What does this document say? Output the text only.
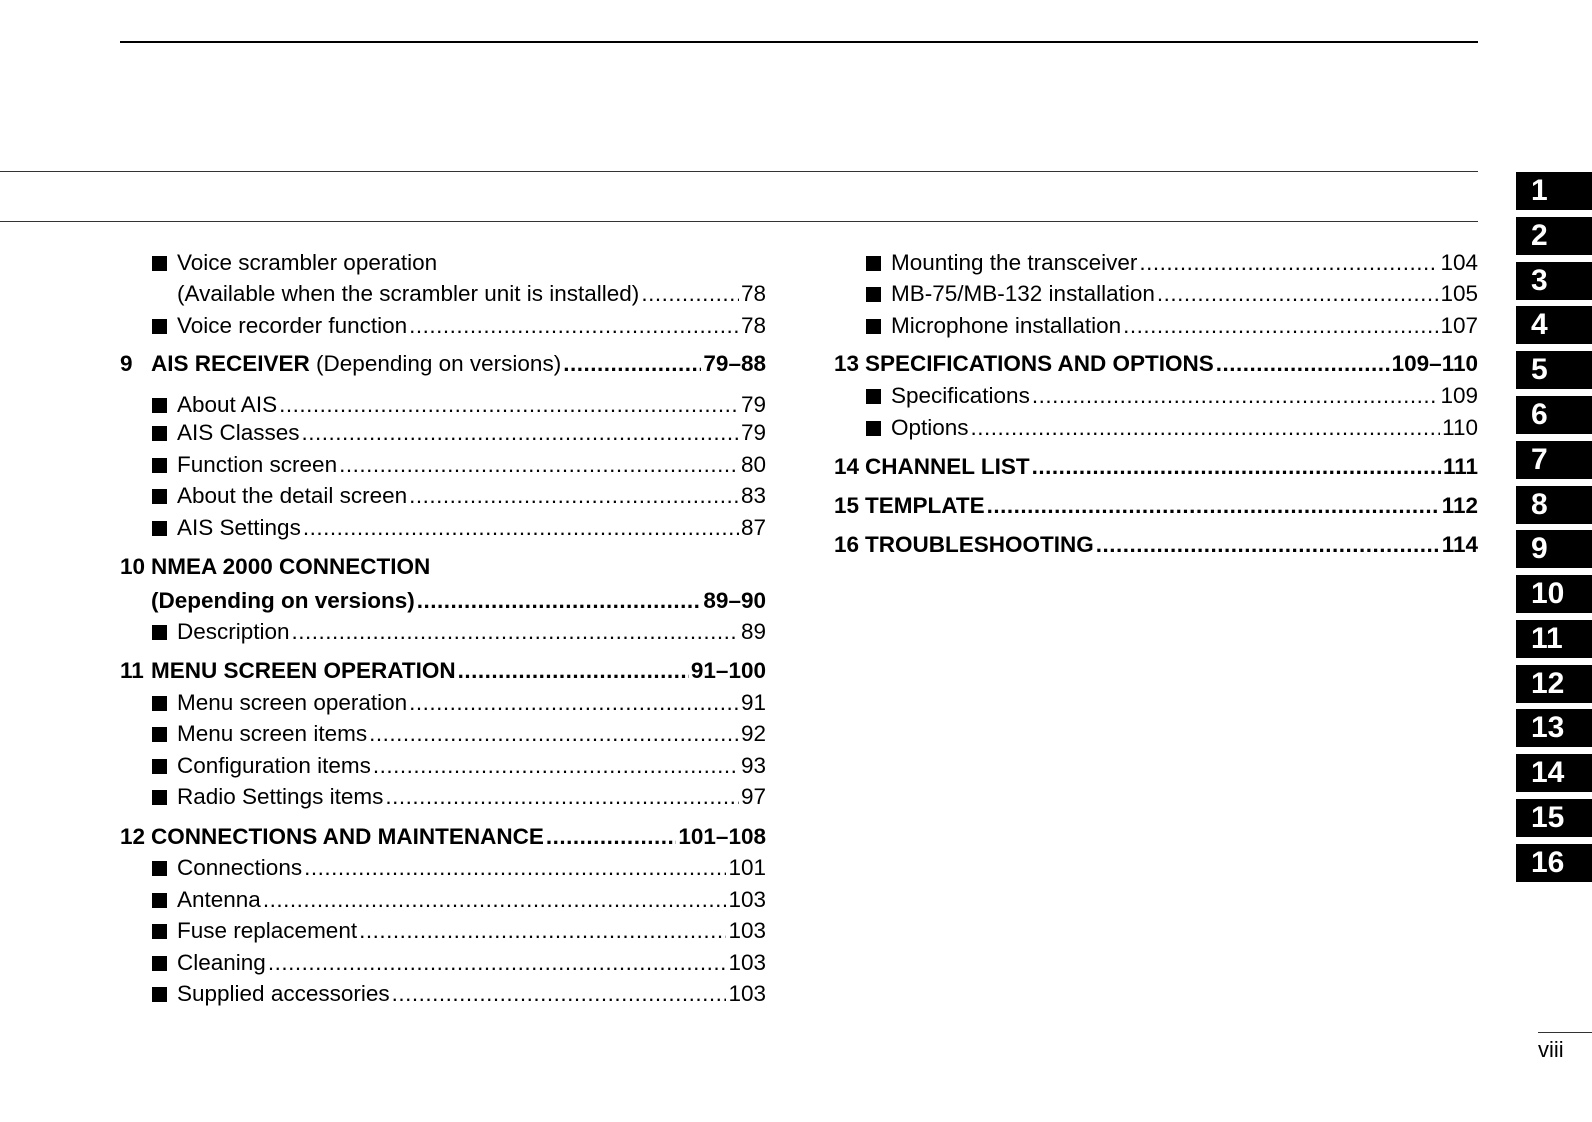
Voice scrambler operation
(Available when the scrambler unit is installed) .....	78
Voice recorder function .....	78
9 AIS RECEIVER (Depending on versions) .....	79–88
About AIS .....	79
AIS Classes .....	79
Function screen .....	80
About the detail screen .....	83
AIS Settings .....	87
10 NMEA 2000 CONNECTION
(Depending on versions) .....	89–90
Description .....	89
11 MENU SCREEN OPERATION .....	91–100
Menu screen operation .....	91
Menu screen items .....	92
Configuration items .....	93
Radio Settings items .....	97
12 CONNECTIONS AND MAINTENANCE .....	101–108
Connections .....	101
Antenna .....	103
Fuse replacement .....	103
Cleaning .....	103
Supplied accessories .....	103
Mounting the transceiver .....	104
MB-75/MB-132 installation .....	105
Microphone installation .....	107
13 SPECIFICATIONS AND OPTIONS .....	109–110
Specifications .....	109
Options .....	110
14 CHANNEL LIST .....	111
15 TEMPLATE .....	112
16 TROUBLESHOOTING .....	114
1
2
3
4
5
6
7
8
9
10
11
12
13
14
15
16
viii
